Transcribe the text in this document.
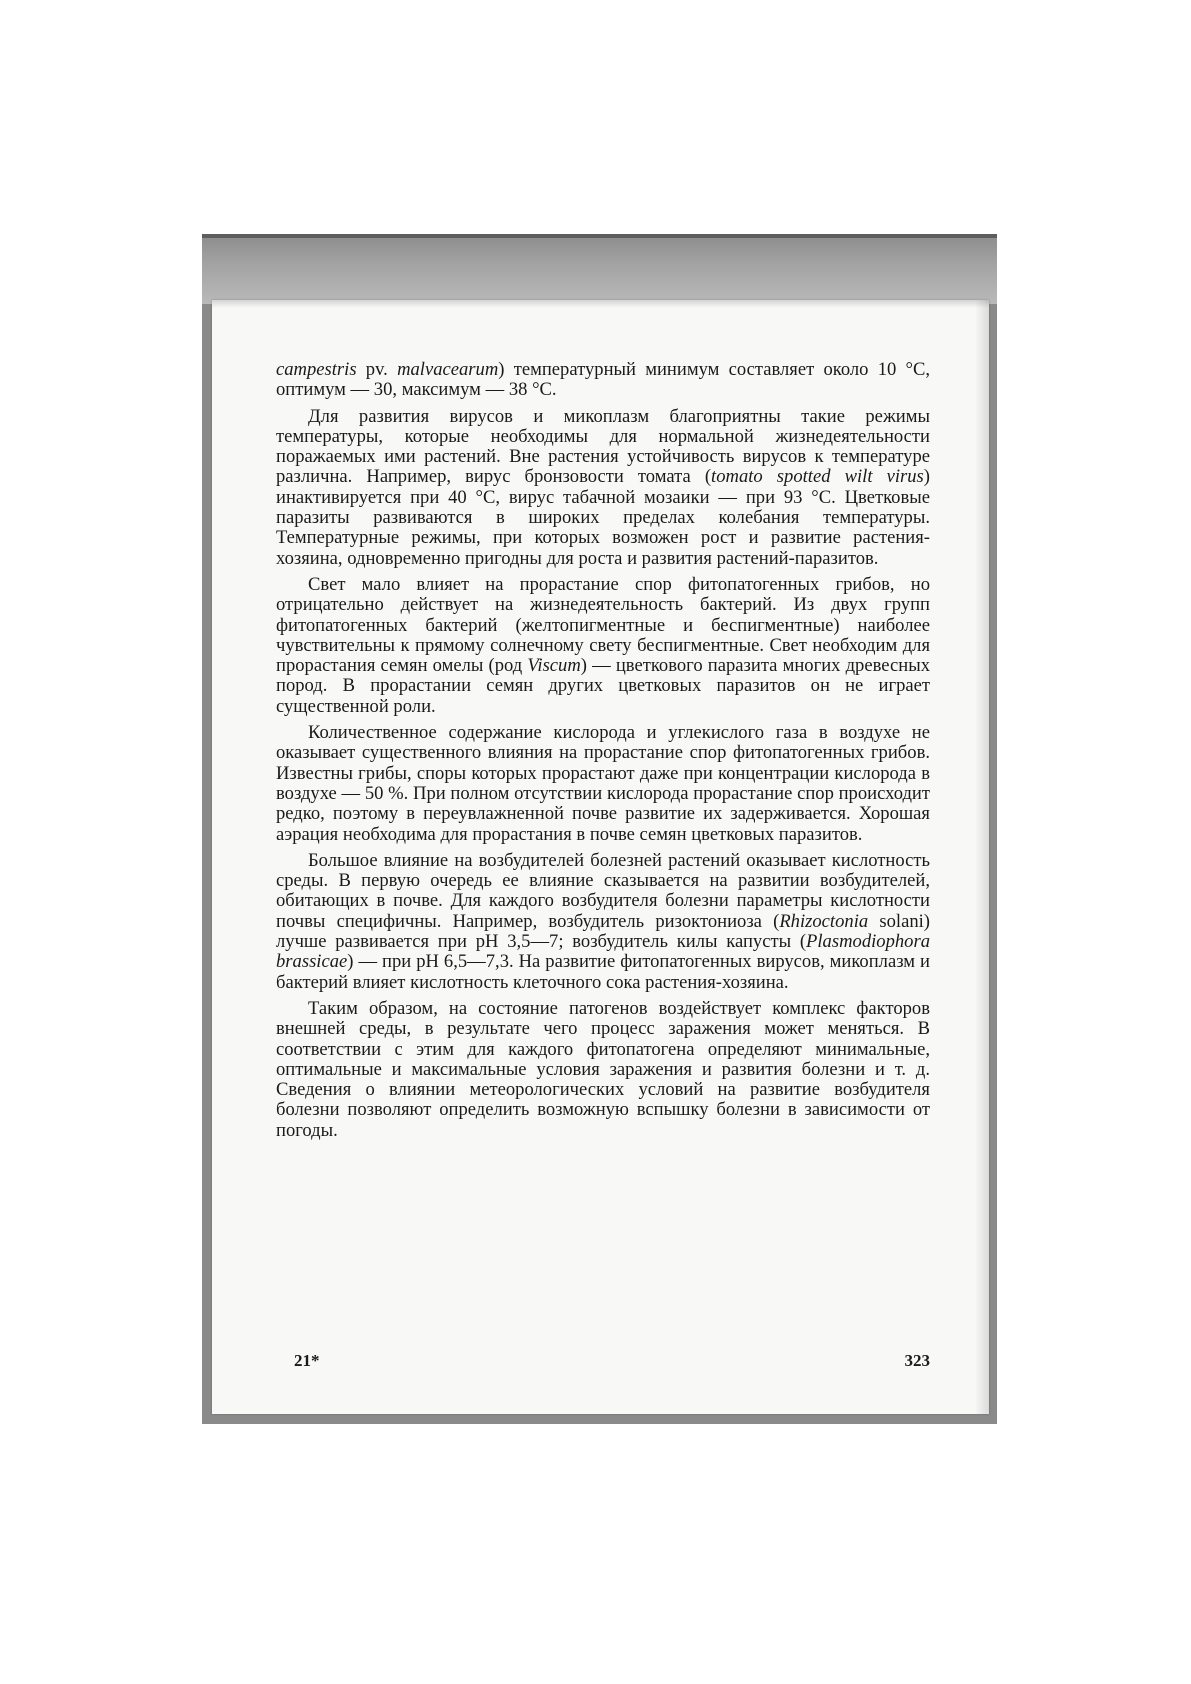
campestris pv. malvacearum) температурный минимум составляет около 10 °C, оптимум — 30, максимум — 38 °C.

Для развития вирусов и микоплазм благоприятны такие режимы температуры, которые необходимы для нормальной жизнедеятельности поражаемых ими растений. Вне растения устойчивость вирусов к температуре различна. Например, вирус бронзовости томата (tomato spotted wilt virus) инактивируется при 40 °C, вирус табачной мозаики — при 93 °C. Цветковые паразиты развиваются в широких пределах колебания температуры. Температурные режимы, при которых возможен рост и развитие растения-хозяина, одновременно пригодны для роста и развития растений-паразитов.

Свет мало влияет на прорастание спор фитопатогенных грибов, но отрицательно действует на жизнедеятельность бактерий. Из двух групп фитопатогенных бактерий (желтопигментные и беспигментные) наиболее чувствительны к прямому солнечному свету беспигментные. Свет необходим для прорастания семян омелы (род Viscum) — цветкового паразита многих древесных пород. В прорастании семян других цветковых паразитов он не играет существенной роли.

Количественное содержание кислорода и углекислого газа в воздухе не оказывает существенного влияния на прорастание спор фитопатогенных грибов. Известны грибы, споры которых прорастают даже при концентрации кислорода в воздухе — 50 %. При полном отсутствии кислорода прорастание спор происходит редко, поэтому в переувлажненной почве развитие их задерживается. Хорошая аэрация необходима для прорастания в почве семян цветковых паразитов.

Большое влияние на возбудителей болезней растений оказывает кислотность среды. В первую очередь ее влияние сказывается на развитии возбудителей, обитающих в почве. Для каждого возбудителя болезни параметры кислотности почвы специфичны. Например, возбудитель ризоктониоза (Rhizoctonia solani) лучше развивается при pH 3,5—7; возбудитель килы капусты (Plasmodiophora brassicae) — при pH 6,5—7,3. На развитие фитопатогенных вирусов, микоплазм и бактерий влияет кислотность клеточного сока растения-хозяина.

Таким образом, на состояние патогенов воздействует комплекс факторов внешней среды, в результате чего процесс заражения может меняться. В соответствии с этим для каждого фитопатогена определяют минимальные, оптимальные и максимальные условия заражения и развития болезни и т. д. Сведения о влиянии метеорологических условий на развитие возбудителя болезни позволяют определить возможную вспышку болезни в зависимости от погоды.

21*	323
